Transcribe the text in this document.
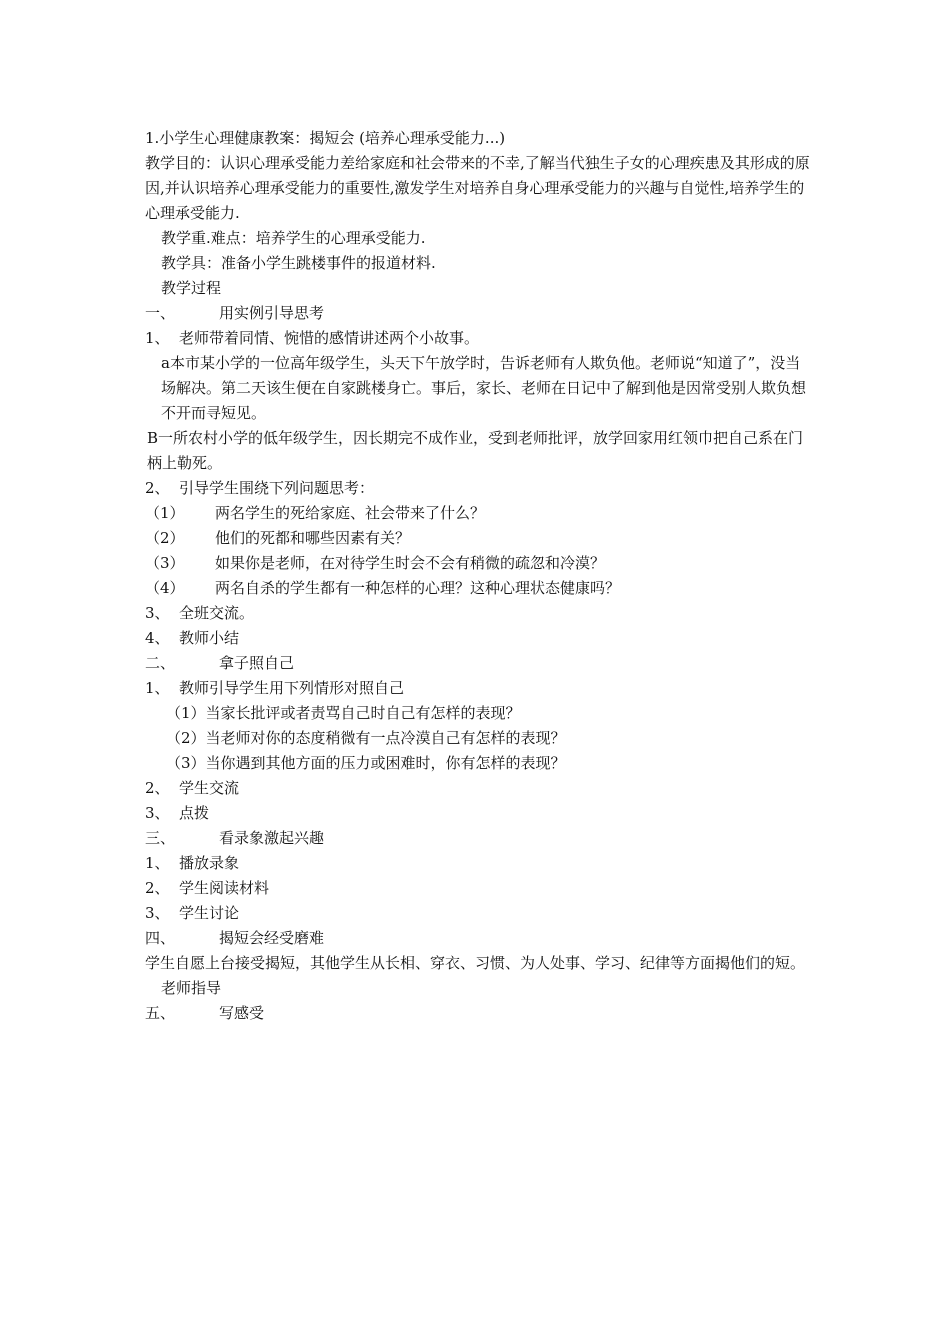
1.小学生心理健康教案：揭短会 (培养心理承受能力...)

教学目的：认识心理承受能力差给家庭和社会带来的不幸,了解当代独生子女的心理疾患及其形成的原因,并认识培养心理承受能力的重要性,激发学生对培养自身心理承受能力的兴趣与自觉性,培养学生的心理承受能力.

教学重.难点：培养学生的心理承受能力.

教学具：准备小学生跳楼事件的报道材料.

教学过程

一、	用实例引导思考
1、 老师带着同情、惋惜的感情讲述两个小故事。

a本市某小学的一位高年级学生，头天下午放学时，告诉老师有人欺负他。老师说“知道了”，没当场解决。第二天该生便在自家跳楼身亡。事后，家长、老师在日记中了解到他是因常受别人欺负想不开而寻短见。

B一所农村小学的低年级学生，因长期完不成作业，受到老师批评，放学回家用红领巾把自己系在门柄上勒死。

2、 引导学生围绕下列问题思考：
（1）	两名学生的死给家庭、社会带来了什么？
（2）	他们的死都和哪些因素有关？
（3）	如果你是老师，在对待学生时会不会有稍微的疏忽和冷漠？
（4）	两名自杀的学生都有一种怎样的心理？这种心理状态健康吗？
3、 全班交流。
4、 教师小结
二、	拿子照自己
1、 教师引导学生用下列情形对照自己

（1）当家长批评或者责骂自己时自己有怎样的表现？

（2）当老师对你的态度稍微有一点冷漠自己有怎样的表现？

（3）当你遇到其他方面的压力或困难时，你有怎样的表现？

2、 学生交流
3、 点拨
三、	看录象激起兴趣
1、 播放录象
2、 学生阅读材料
3、 学生讨论
四、	揭短会经受磨难

学生自愿上台接受揭短，其他学生从长相、穿衣、习惯、为人处事、学习、纪律等方面揭他们的短。

老师指导

五、	写感受
